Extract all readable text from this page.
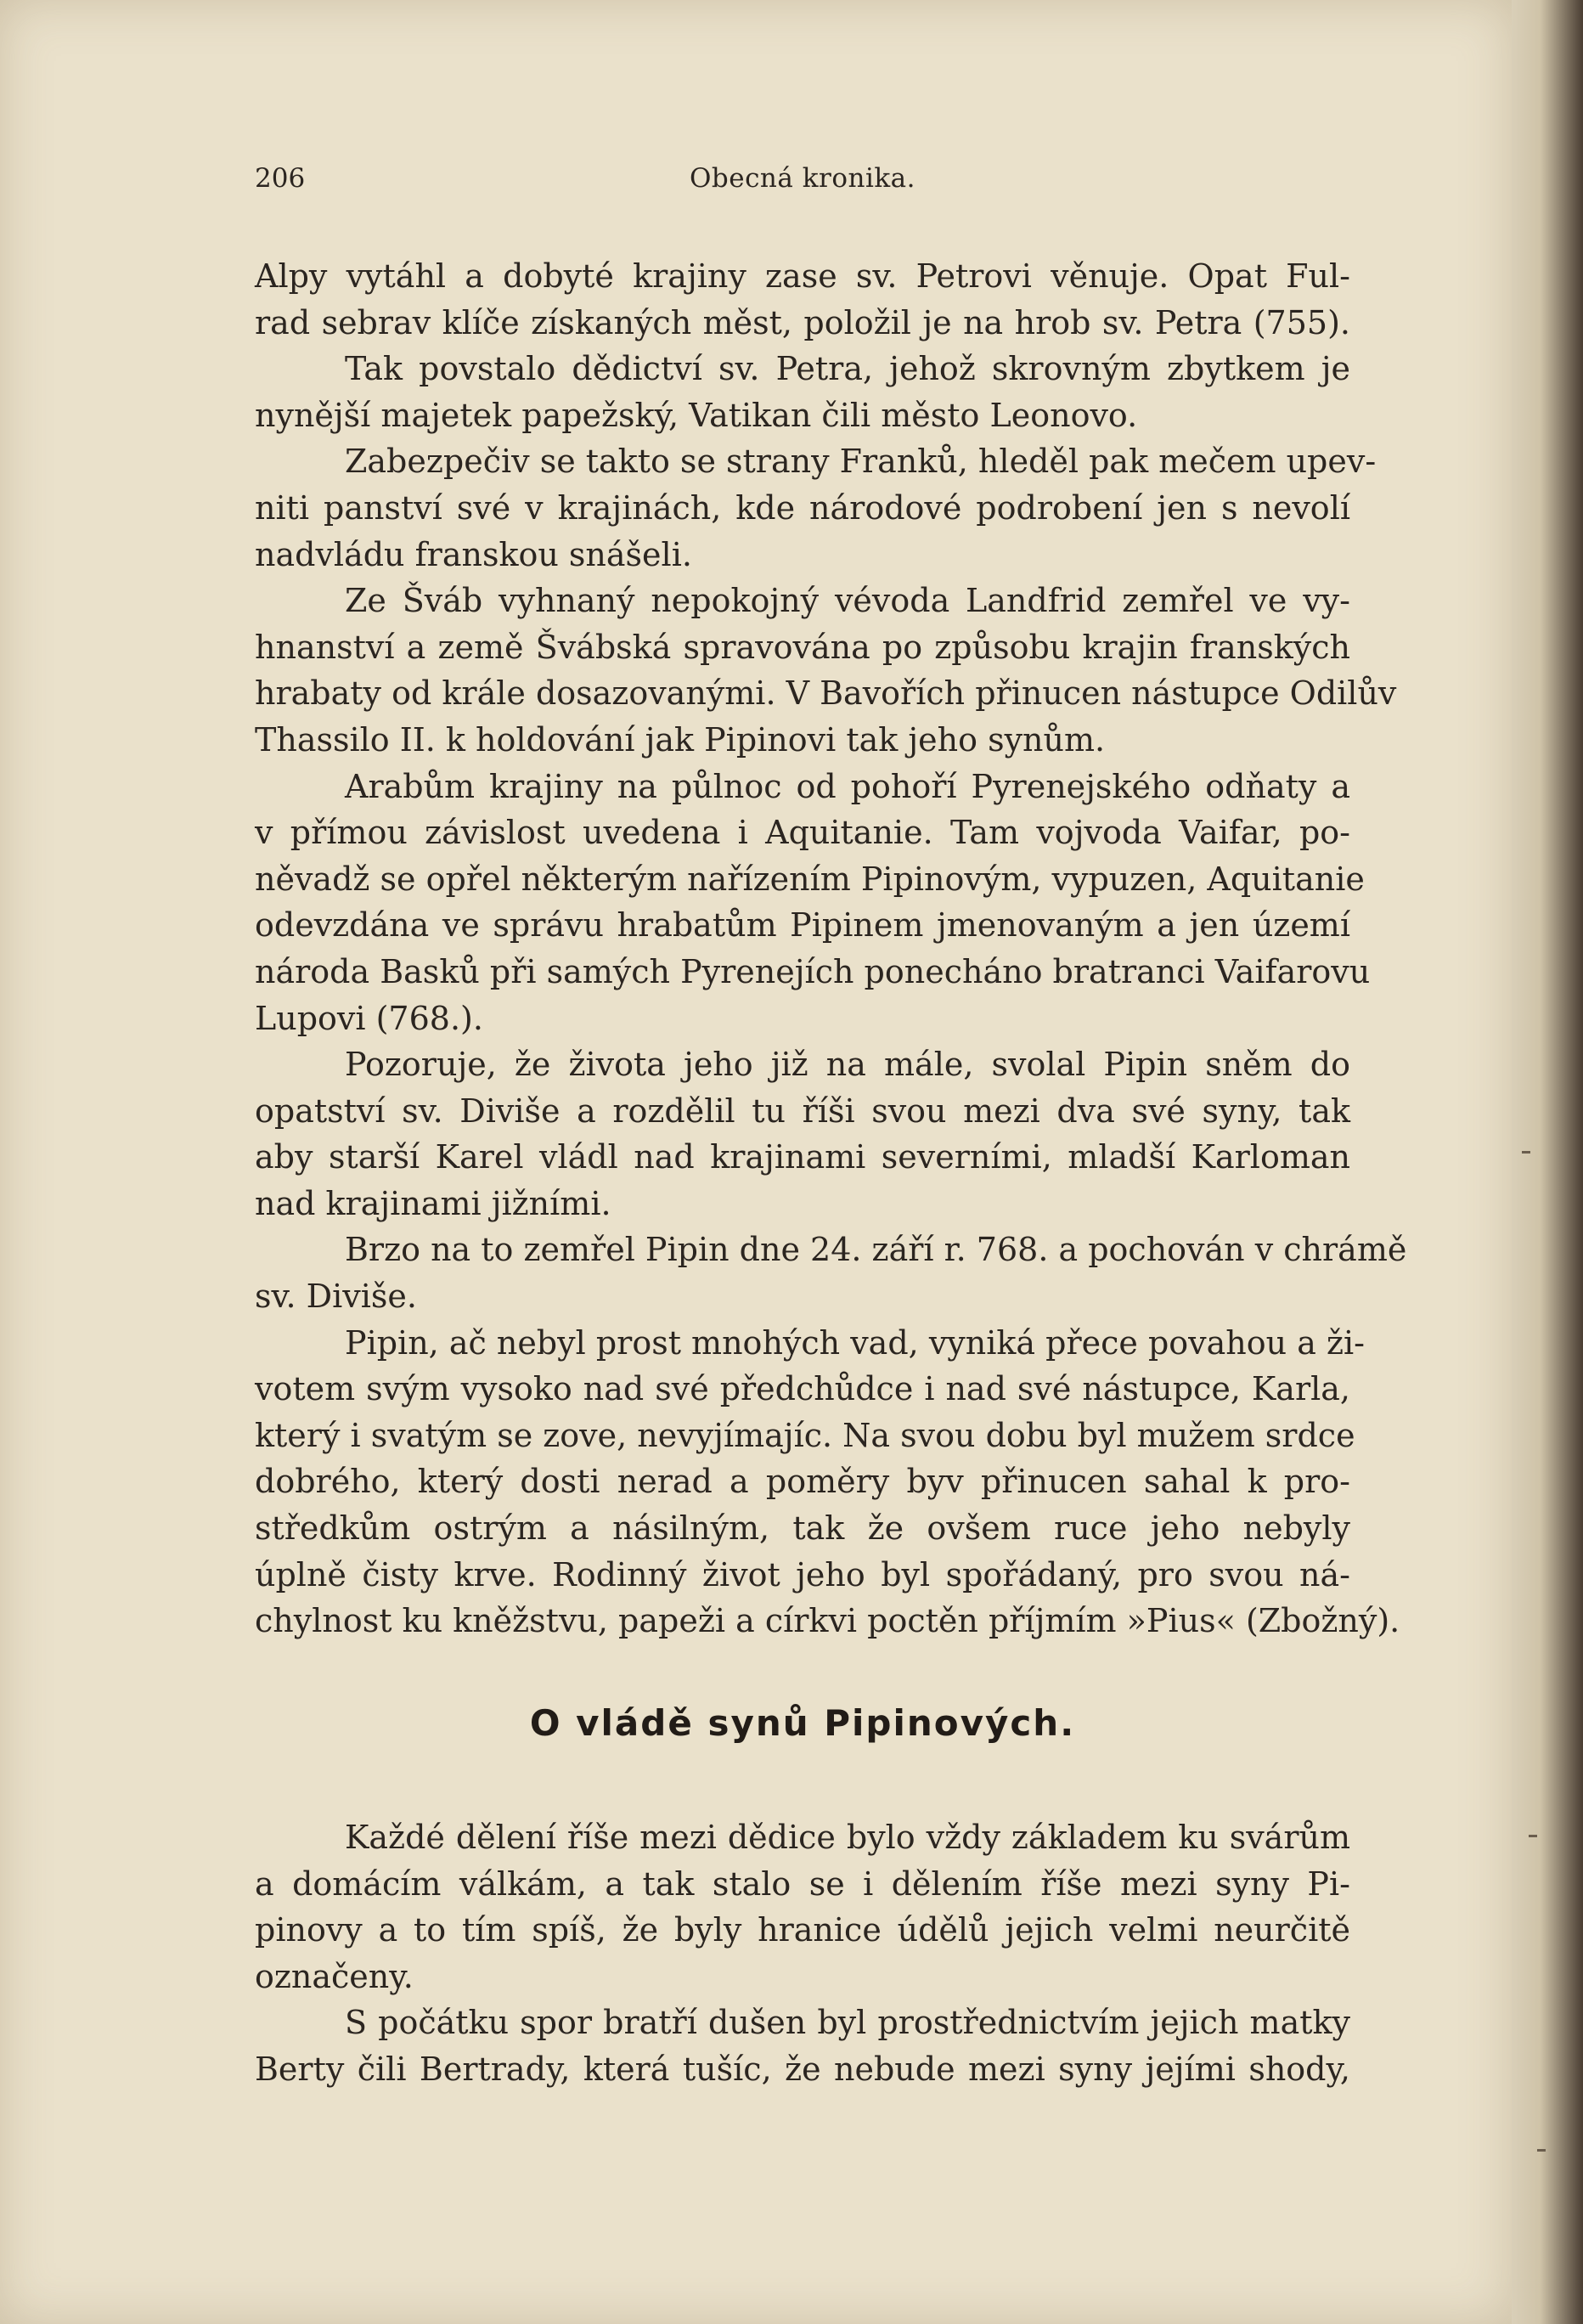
206	Obecná kronika.
Alpy vytáhl a dobyté krajiny zase sv. Petrovi věnuje. Opat Ful-
rad sebrav klíče získaných měst, položil je na hrob sv. Petra (755).
Tak povstalo dědictví sv. Petra, jehož skrovným zbytkem je
nynější majetek papežský, Vatikan čili město Leonovo.
Zabezpečiv se takto se strany Franků, hleděl pak mečem upev-
niti panství své v krajinách, kde národové podrobení jen s nevolí
nadvládu franskou snášeli.
Ze Šváb vyhnaný nepokojný vévoda Landfrid zemřel ve vy-
hnanství a země Švábská spravována po způsobu krajin franských
hrabaty od krále dosazovanými. V Bavořích přinucen nástupce Odilův
Thassilo II. k holdování jak Pipinovi tak jeho synům.
Arabům krajiny na půlnoc od pohoří Pyrenejského odňaty a
v přímou závislost uvedena i Aquitanie. Tam vojvoda Vaifar, po-
něvadž se opřel některým nařízením Pipinovým, vypuzen, Aquitanie
odevzdána ve správu hrabatům Pipinem jmenovaným a jen území
národa Basků při samých Pyrenejích ponecháno bratranci Vaifarovu
Lupovi (768.).
Pozoruje, že života jeho již na mále, svolal Pipin sněm do
opatství sv. Diviše a rozdělil tu říši svou mezi dva své syny, tak
aby starší Karel vládl nad krajinami severními, mladší Karloman
nad krajinami jižními.
Brzo na to zemřel Pipin dne 24. září r. 768. a pochován v chrámě
sv. Diviše.
Pipin, ač nebyl prost mnohých vad, vyniká přece povahou a ži-
votem svým vysoko nad své předchůdce i nad své nástupce, Karla,
který i svatým se zove, nevyjímajíc. Na svou dobu byl mužem srdce
dobrého, který dosti nerad a poměry byv přinucen sahal k pro-
středkům ostrým a násilným, tak že ovšem ruce jeho nebyly
úplně čisty krve. Rodinný život jeho byl spořádaný, pro svou ná-
chylnost ku kněžstvu, papeži a církvi poctěn příjmím »Pius« (Zbožný).
O vládě synů Pipinových.
Každé dělení říše mezi dědice bylo vždy základem ku svárům
a domácím válkám, a tak stalo se i dělením říše mezi syny Pi-
pinovy a to tím spíš, že byly hranice údělů jejich velmi neurčitě
označeny.
S počátku spor bratří dušen byl prostřednictvím jejich matky
Berty čili Bertrady, která tušíc, že nebude mezi syny jejími shody,
